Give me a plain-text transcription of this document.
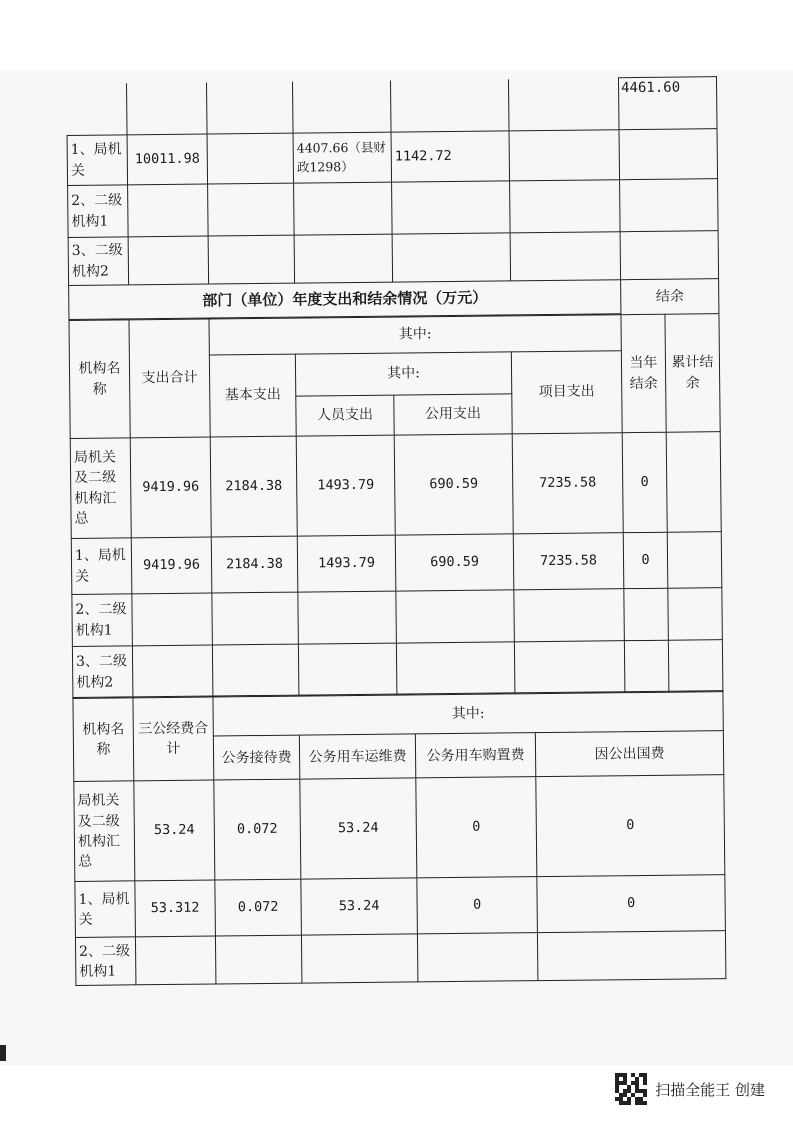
						4461.60	
1、局机关	10011.98		4407.66（县财政1298）	1142.72			
2、二级机构1							
3、二级机构2							
部门（单位）年度支出和结余情况（万元）						结余	

机构名称	支出合计	其中:				当年结余	累计结余
		基本支出	其中:		项目支出		
			人员支出	公用支出			
局机关及二级机构汇总	9419.96	2184.38	1493.79	690.59	7235.58	0	
1、局机关	9419.96	2184.38	1493.79	690.59	7235.58	0	
2、二级机构1							
3、二级机构2							
机构名称	三公经费合计	其中:			
		公务接待费	公务用车运维费	公务用车购置费	因公出国费
局机关及二级机构汇总	53.24	0.072	53.24	0	0
1、局机关	53.312	0.072	53.24	0	0
2、二级机构1					
扫描全能王 创建
